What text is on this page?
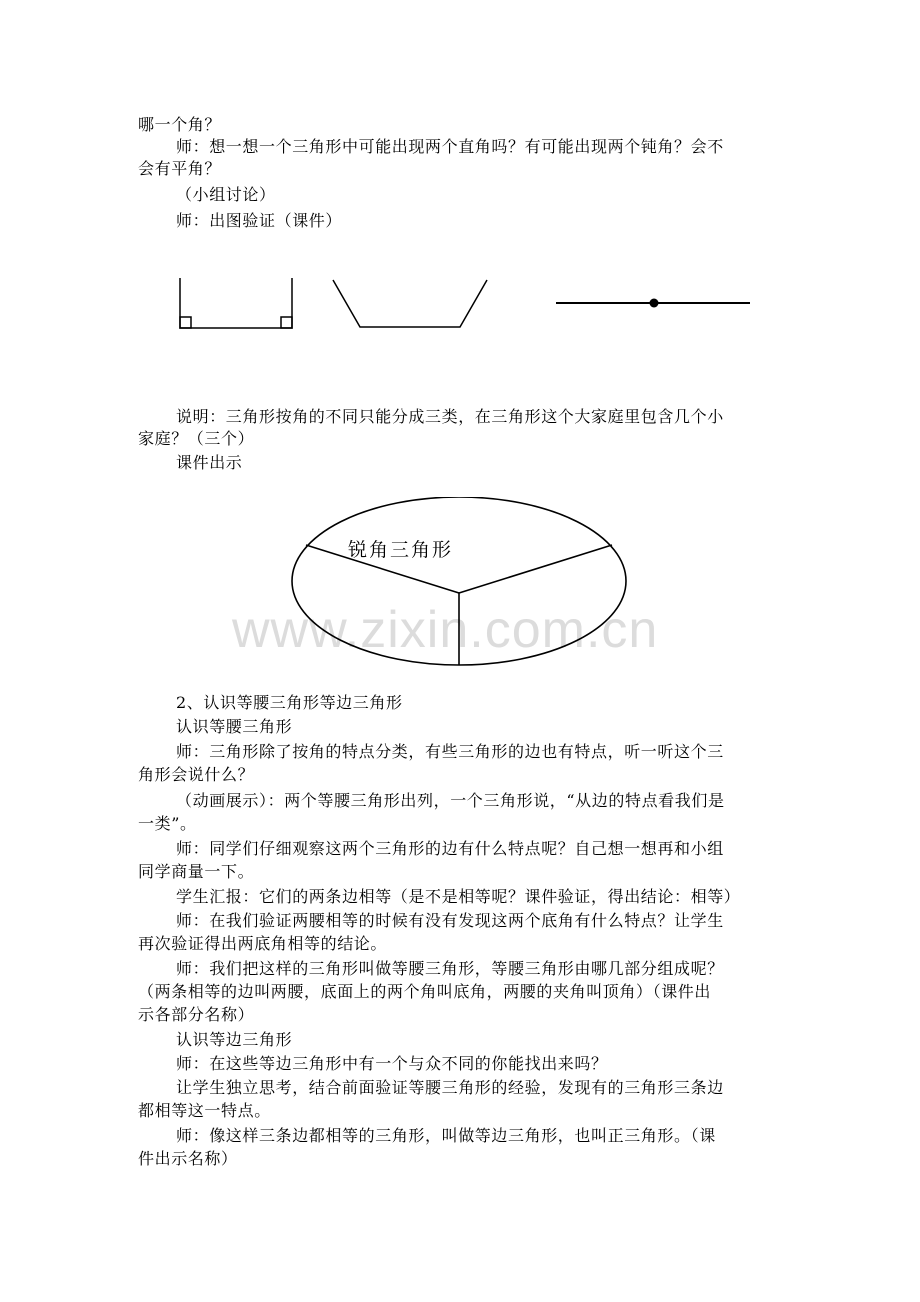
哪一个角？
师：想一想一个三角形中可能出现两个直角吗？有可能出现两个钝角？会不
会有平角？
（小组讨论）
师：出图验证（课件）
说明：三角形按角的不同只能分成三类，在三角形这个大家庭里包含几个小
家庭？（三个）
课件出示
www.zixin.com.cn
锐角三角形
2、认识等腰三角形等边三角形
认识等腰三角形
师：三角形除了按角的特点分类，有些三角形的边也有特点，听一听这个三
角形会说什么？
（动画展示）：两个等腰三角形出列，一个三角形说，“从边的特点看我们是
一类”。
师：同学们仔细观察这两个三角形的边有什么特点呢？自己想一想再和小组
同学商量一下。
学生汇报：它们的两条边相等（是不是相等呢？课件验证，得出结论：相等）
师：在我们验证两腰相等的时候有没有发现这两个底角有什么特点？让学生
再次验证得出两底角相等的结论。
师：我们把这样的三角形叫做等腰三角形，等腰三角形由哪几部分组成呢？
（两条相等的边叫两腰，底面上的两个角叫底角，两腰的夹角叫顶角）（课件出
示各部分名称）
认识等边三角形
师：在这些等边三角形中有一个与众不同的你能找出来吗？
让学生独立思考，结合前面验证等腰三角形的经验，发现有的三角形三条边
都相等这一特点。
师：像这样三条边都相等的三角形，叫做等边三角形，也叫正三角形。（课
件出示名称）
